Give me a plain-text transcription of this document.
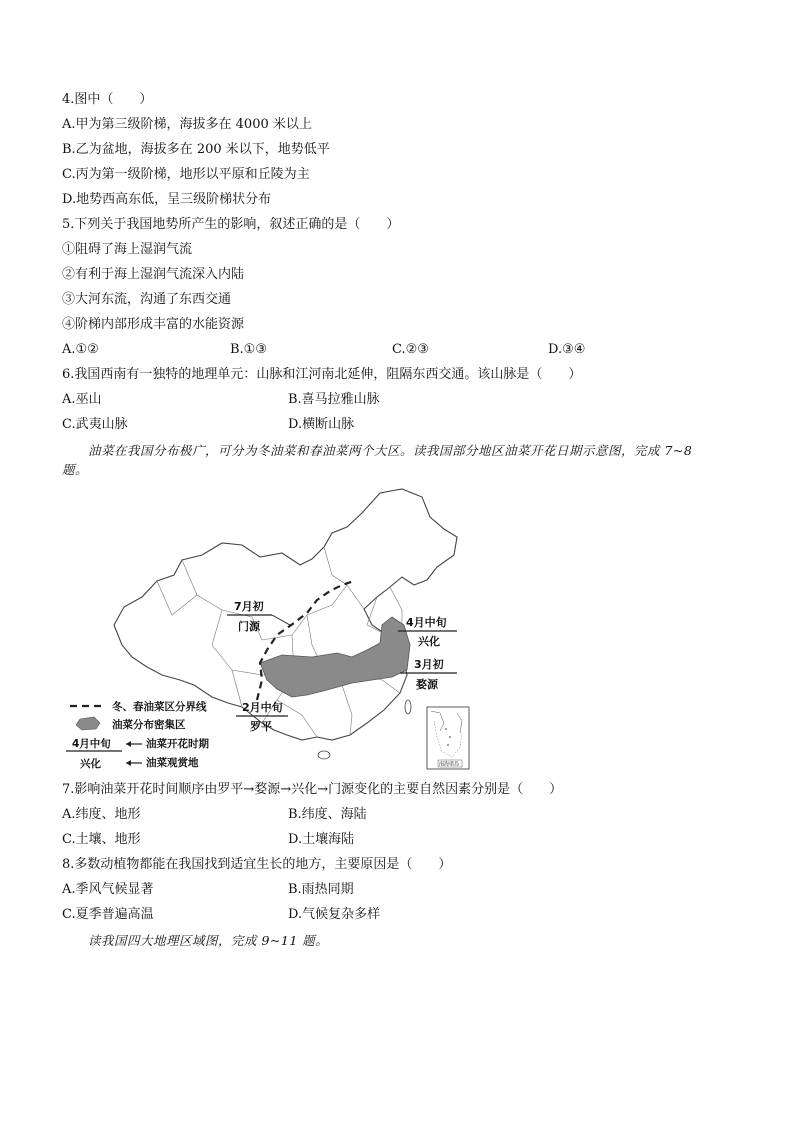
4.图中（　　）
A.甲为第三级阶梯，海拔多在 4000 米以上
B.乙为盆地，海拔多在 200 米以下，地势低平
C.丙为第一级阶梯，地形以平原和丘陵为主
D.地势西高东低，呈三级阶梯状分布
5.下列关于我国地势所产生的影响，叙述正确的是（　　）
①阻碍了海上湿润气流
②有利于海上湿润气流深入内陆
③大河东流，沟通了东西交通
④阶梯内部形成丰富的水能资源
A.①②	B.①③	C.②③	D.③④
6.我国西南有一独特的地理单元：山脉和江河南北延伸，阻隔东西交通。该山脉是（　　）
A.巫山	B.喜马拉雅山脉
C.武夷山脉	D.横断山脉
油菜在我国分布极广，可分为冬油菜和春油菜两个大区。读我国部分地区油菜开花日期示意图，完成 7~8
题。
7月初
门源	4月中旬
兴化
3月初
婺源
2月中旬
罗平
冬、春油菜区分界线
油菜分布密集区
4月中旬
兴化
油菜开花时期
油菜观赏地	南海诸岛
7.影响油菜开花时间顺序由罗平→婺源→兴化→门源变化的主要自然因素分别是（　　）
A.纬度、地形	B.纬度、海陆
C.土壤、地形	D.土壤海陆
8.多数动植物都能在我国找到适宜生长的地方，主要原因是（　　）
A.季风气候显著	B.雨热同期
C.夏季普遍高温	D.气候复杂多样
读我国四大地理区域图，完成 9~11 题。
